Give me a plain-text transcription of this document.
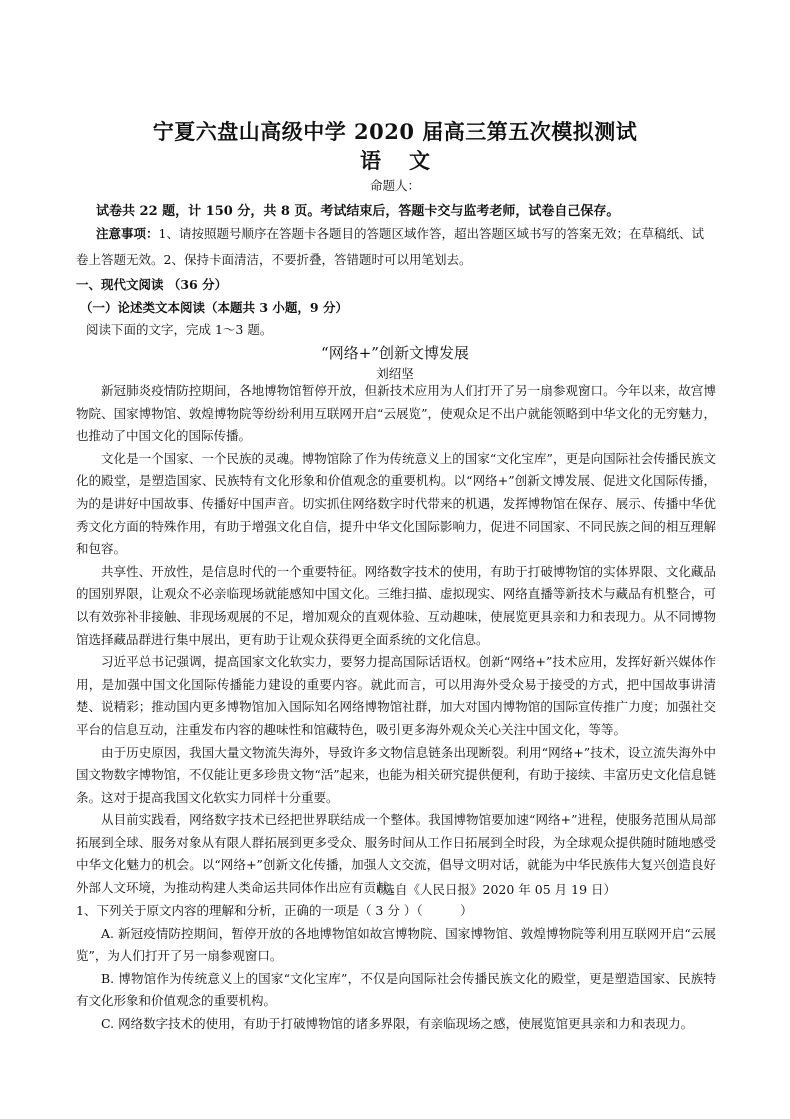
宁夏六盘山高级中学 2020 届高三第五次模拟测试
语文
命题人：
试卷共 22 题，计 150 分，共 8 页。考试结束后，答题卡交与监考老师，试卷自己保存。
注意事项：1、请按照题号顺序在答题卡各题目的答题区域作答，超出答题区域书写的答案无效；在草稿纸、试卷上答题无效。2、保持卡面清洁，不要折叠，答错题时可以用笔划去。
一、现代文阅读 （36 分）
（一）论述类文本阅读（本题共 3 小题，9 分）
阅读下面的文字，完成 1～3 题。
“网络+”创新文博发展
刘绍坚

新冠肺炎疫情防控期间，各地博物馆暂停开放，但新技术应用为人们打开了另一扇参观窗口。今年以来，故宫博物院、国家博物馆、敦煌博物院等纷纷利用互联网开启“云展览”，使观众足不出户就能领略到中华文化的无穷魅力，也推动了中国文化的国际传播。

文化是一个国家、一个民族的灵魂。博物馆除了作为传统意义上的国家“文化宝库”，更是向国际社会传播民族文化的殿堂，是塑造国家、民族特有文化形象和价值观念的重要机构。以“网络+”创新文博发展、促进文化国际传播，为的是讲好中国故事、传播好中国声音。切实抓住网络数字时代带来的机遇，发挥博物馆在保存、展示、传播中华优秀文化方面的特殊作用，有助于增强文化自信，提升中华文化国际影响力，促进不同国家、不同民族之间的相互理解和包容。

共享性、开放性，是信息时代的一个重要特征。网络数字技术的使用，有助于打破博物馆的实体界限、文化藏品的国别界限，让观众不必亲临现场就能感知中国文化。三维扫描、虚拟现实、网络直播等新技术与藏品有机整合，可以有效弥补非接触、非现场观展的不足，增加观众的直观体验、互动趣味，使展览更具亲和力和表现力。从不同博物馆选择藏品群进行集中展出，更有助于让观众获得更全面系统的文化信息。

习近平总书记强调，提高国家文化软实力，要努力提高国际话语权。创新“网络+”技术应用，发挥好新兴媒体作用，是加强中国文化国际传播能力建设的重要内容。就此而言，可以用海外受众易于接受的方式，把中国故事讲清楚、说精彩；推动国内更多博物馆加入国际知名网络博物馆社群，加大对国内博物馆的国际宣传推广力度；加强社交平台的信息互动，注重发布内容的趣味性和馆藏特色，吸引更多海外观众关心关注中国文化，等等。

由于历史原因，我国大量文物流失海外，导致许多文物信息链条出现断裂。利用“网络+”技术，设立流失海外中国文物数字博物馆，不仅能让更多珍贵文物“活”起来，也能为相关研究提供便利，有助于接续、丰富历史文化信息链条。这对于提高我国文化软实力同样十分重要。

从目前实践看，网络数字技术已经把世界联结成一个整体。我国博物馆要加速“网络+”进程，使服务范围从局部拓展到全球、服务对象从有限人群拓展到更多受众、服务时间从工作日拓展到全时段，为全球观众提供随时随地感受中华文化魅力的机会。以“网络+”创新文化传播，加强人文交流，倡导文明对话，就能为中华民族伟大复兴创造良好外部人文环境，为推动构建人类命运共同体作出应有贡献。

（选自《人民日报》2020 年 05 月 19 日）

1、下列关于原文内容的理解和分析，正确的一项是（ 3 分 ）（　　　）

A. 新冠疫情防控期间，暂停开放的各地博物馆如故宫博物院、国家博物馆、敦煌博物院等利用互联网开启“云展览”，为人们打开了另一扇参观窗口。

B. 博物馆作为传统意义上的国家“文化宝库”，不仅是向国际社会传播民族文化的殿堂，更是塑造国家、民族特有文化形象和价值观念的重要机构。

C. 网络数字技术的使用，有助于打破博物馆的诸多界限，有亲临现场之感，使展览馆更具亲和力和表现力。
